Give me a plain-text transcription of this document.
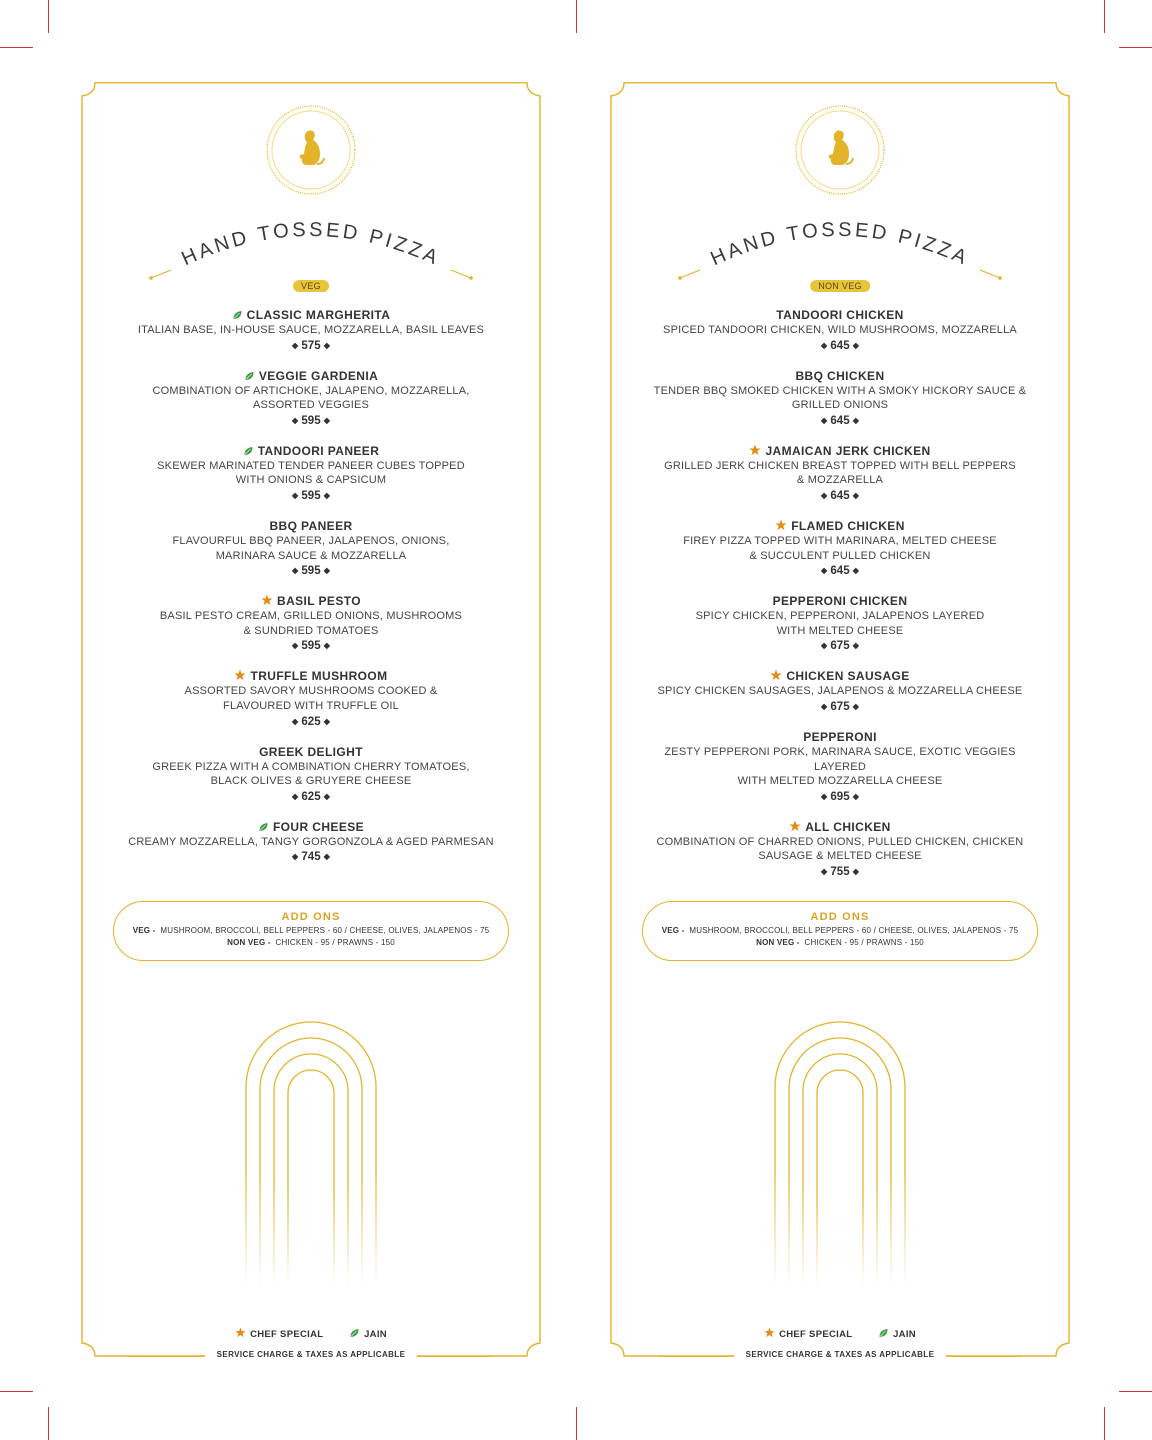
HAND TOSSED PIZZA
VEG
CLASSIC MARGHERITA
ITALIAN BASE, IN-HOUSE SAUCE, MOZZARELLA, BASIL LEAVES
◆ 575 ◆
VEGGIE GARDENIA
COMBINATION OF ARTICHOKE, JALAPENO, MOZZARELLA,
ASSORTED VEGGIES
◆ 595 ◆
TANDOORI PANEER
SKEWER MARINATED TENDER PANEER CUBES TOPPED
WITH ONIONS & CAPSICUM
◆ 595 ◆
BBQ PANEER
FLAVOURFUL BBQ PANEER, JALAPENOS, ONIONS,
MARINARA SAUCE & MOZZARELLA
◆ 595 ◆
BASIL PESTO
BASIL PESTO CREAM, GRILLED ONIONS, MUSHROOMS
& SUNDRIED TOMATOES
◆ 595 ◆
TRUFFLE MUSHROOM
ASSORTED SAVORY MUSHROOMS COOKED &
FLAVOURED WITH TRUFFLE OIL
◆ 625 ◆
GREEK DELIGHT
GREEK PIZZA WITH A COMBINATION CHERRY TOMATOES,
BLACK OLIVES & GRUYERE CHEESE
◆ 625 ◆
FOUR CHEESE
CREAMY MOZZARELLA, TANGY GORGONZOLA & AGED PARMESAN
◆ 745 ◆
ADD ONS
VEG - MUSHROOM, BROCCOLI, BELL PEPPERS - 60 / CHEESE, OLIVES, JALAPENOS - 75
NON VEG - CHICKEN - 95 / PRAWNS - 150
CHEF SPECIAL	JAIN
SERVICE CHARGE & TAXES AS APPLICABLE
HAND TOSSED PIZZA
NON VEG
TANDOORI CHICKEN
SPICED TANDOORI CHICKEN, WILD MUSHROOMS, MOZZARELLA
◆ 645 ◆
BBQ CHICKEN
TENDER BBQ SMOKED CHICKEN WITH A SMOKY HICKORY SAUCE &
GRILLED ONIONS
◆ 645 ◆
JAMAICAN JERK CHICKEN
GRILLED JERK CHICKEN BREAST TOPPED WITH BELL PEPPERS
& MOZZARELLA
◆ 645 ◆
FLAMED CHICKEN
FIREY PIZZA TOPPED WITH MARINARA, MELTED CHEESE
& SUCCULENT PULLED CHICKEN
◆ 645 ◆
PEPPERONI CHICKEN
SPICY CHICKEN, PEPPERONI, JALAPENOS LAYERED
WITH MELTED CHEESE
◆ 675 ◆
CHICKEN SAUSAGE
SPICY CHICKEN SAUSAGES, JALAPENOS & MOZZARELLA CHEESE
◆ 675 ◆
PEPPERONI
ZESTY PEPPERONI PORK, MARINARA SAUCE, EXOTIC VEGGIES LAYERED
WITH MELTED MOZZARELLA CHEESE
◆ 695 ◆
ALL CHICKEN
COMBINATION OF CHARRED ONIONS, PULLED CHICKEN, CHICKEN
SAUSAGE & MELTED CHEESE
◆ 755 ◆
ADD ONS
VEG - MUSHROOM, BROCCOLI, BELL PEPPERS - 60 / CHEESE, OLIVES, JALAPENOS - 75
NON VEG - CHICKEN - 95 / PRAWNS - 150
CHEF SPECIAL	JAIN
SERVICE CHARGE & TAXES AS APPLICABLE
